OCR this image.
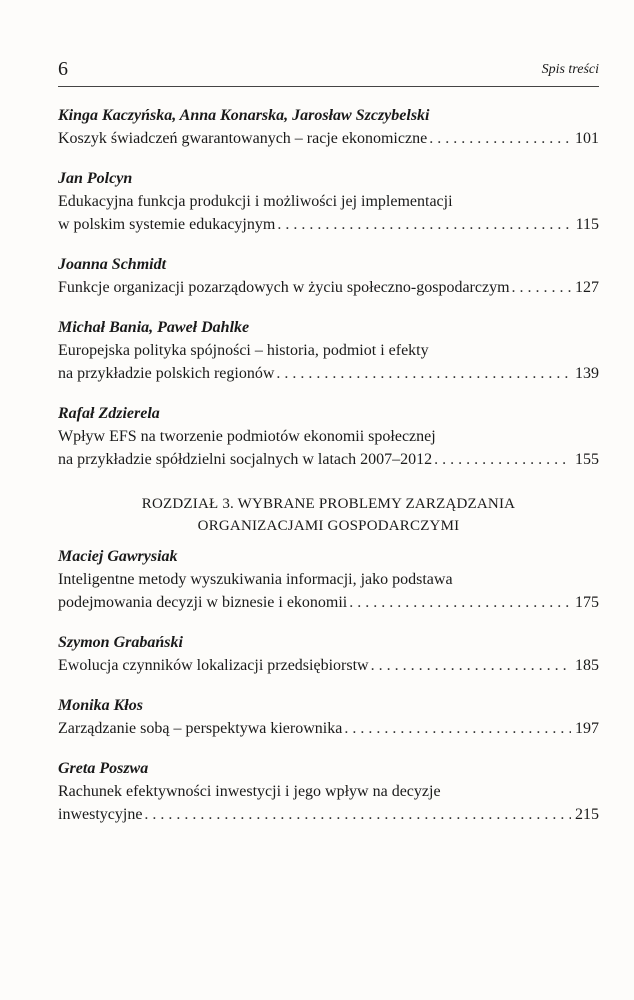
6	Spis treści
Kinga Kaczyńska, Anna Konarska, Jarosław Szczybelski
Koszyk świadczeń gwarantowanych – racje ekonomiczne . . .	101
Jan Polcyn
Edukacyjna funkcja produkcji i możliwości jej implementacji
w polskim systemie edukacyjnym . . .	115
Joanna Schmidt
Funkcje organizacji pozarządowych w życiu społeczno-gospodarczym . . .	127
Michał Bania, Paweł Dahlke
Europejska polityka spójności – historia, podmiot i efekty
na przykładzie polskich regionów . . .	139
Rafał Zdzierela
Wpływ EFS na tworzenie podmiotów ekonomii społecznej
na przykładzie spółdzielni socjalnych w latach 2007–2012 . . .	155
ROZDZIAŁ 3. WYBRANE PROBLEMY ZARZĄDZANIA
ORGANIZACJAMI GOSPODARCZYMI
Maciej Gawrysiak
Inteligentne metody wyszukiwania informacji, jako podstawa
podejmowania decyzji w biznesie i ekonomii . . .	175
Szymon Grabański
Ewolucja czynników lokalizacji przedsiębiorstw . . .	185
Monika Kłos
Zarządzanie sobą – perspektywa kierownika . . .	197
Greta Poszwa
Rachunek efektywności inwestycji i jego wpływ na decyzje
inwestycyjne . . .	215
